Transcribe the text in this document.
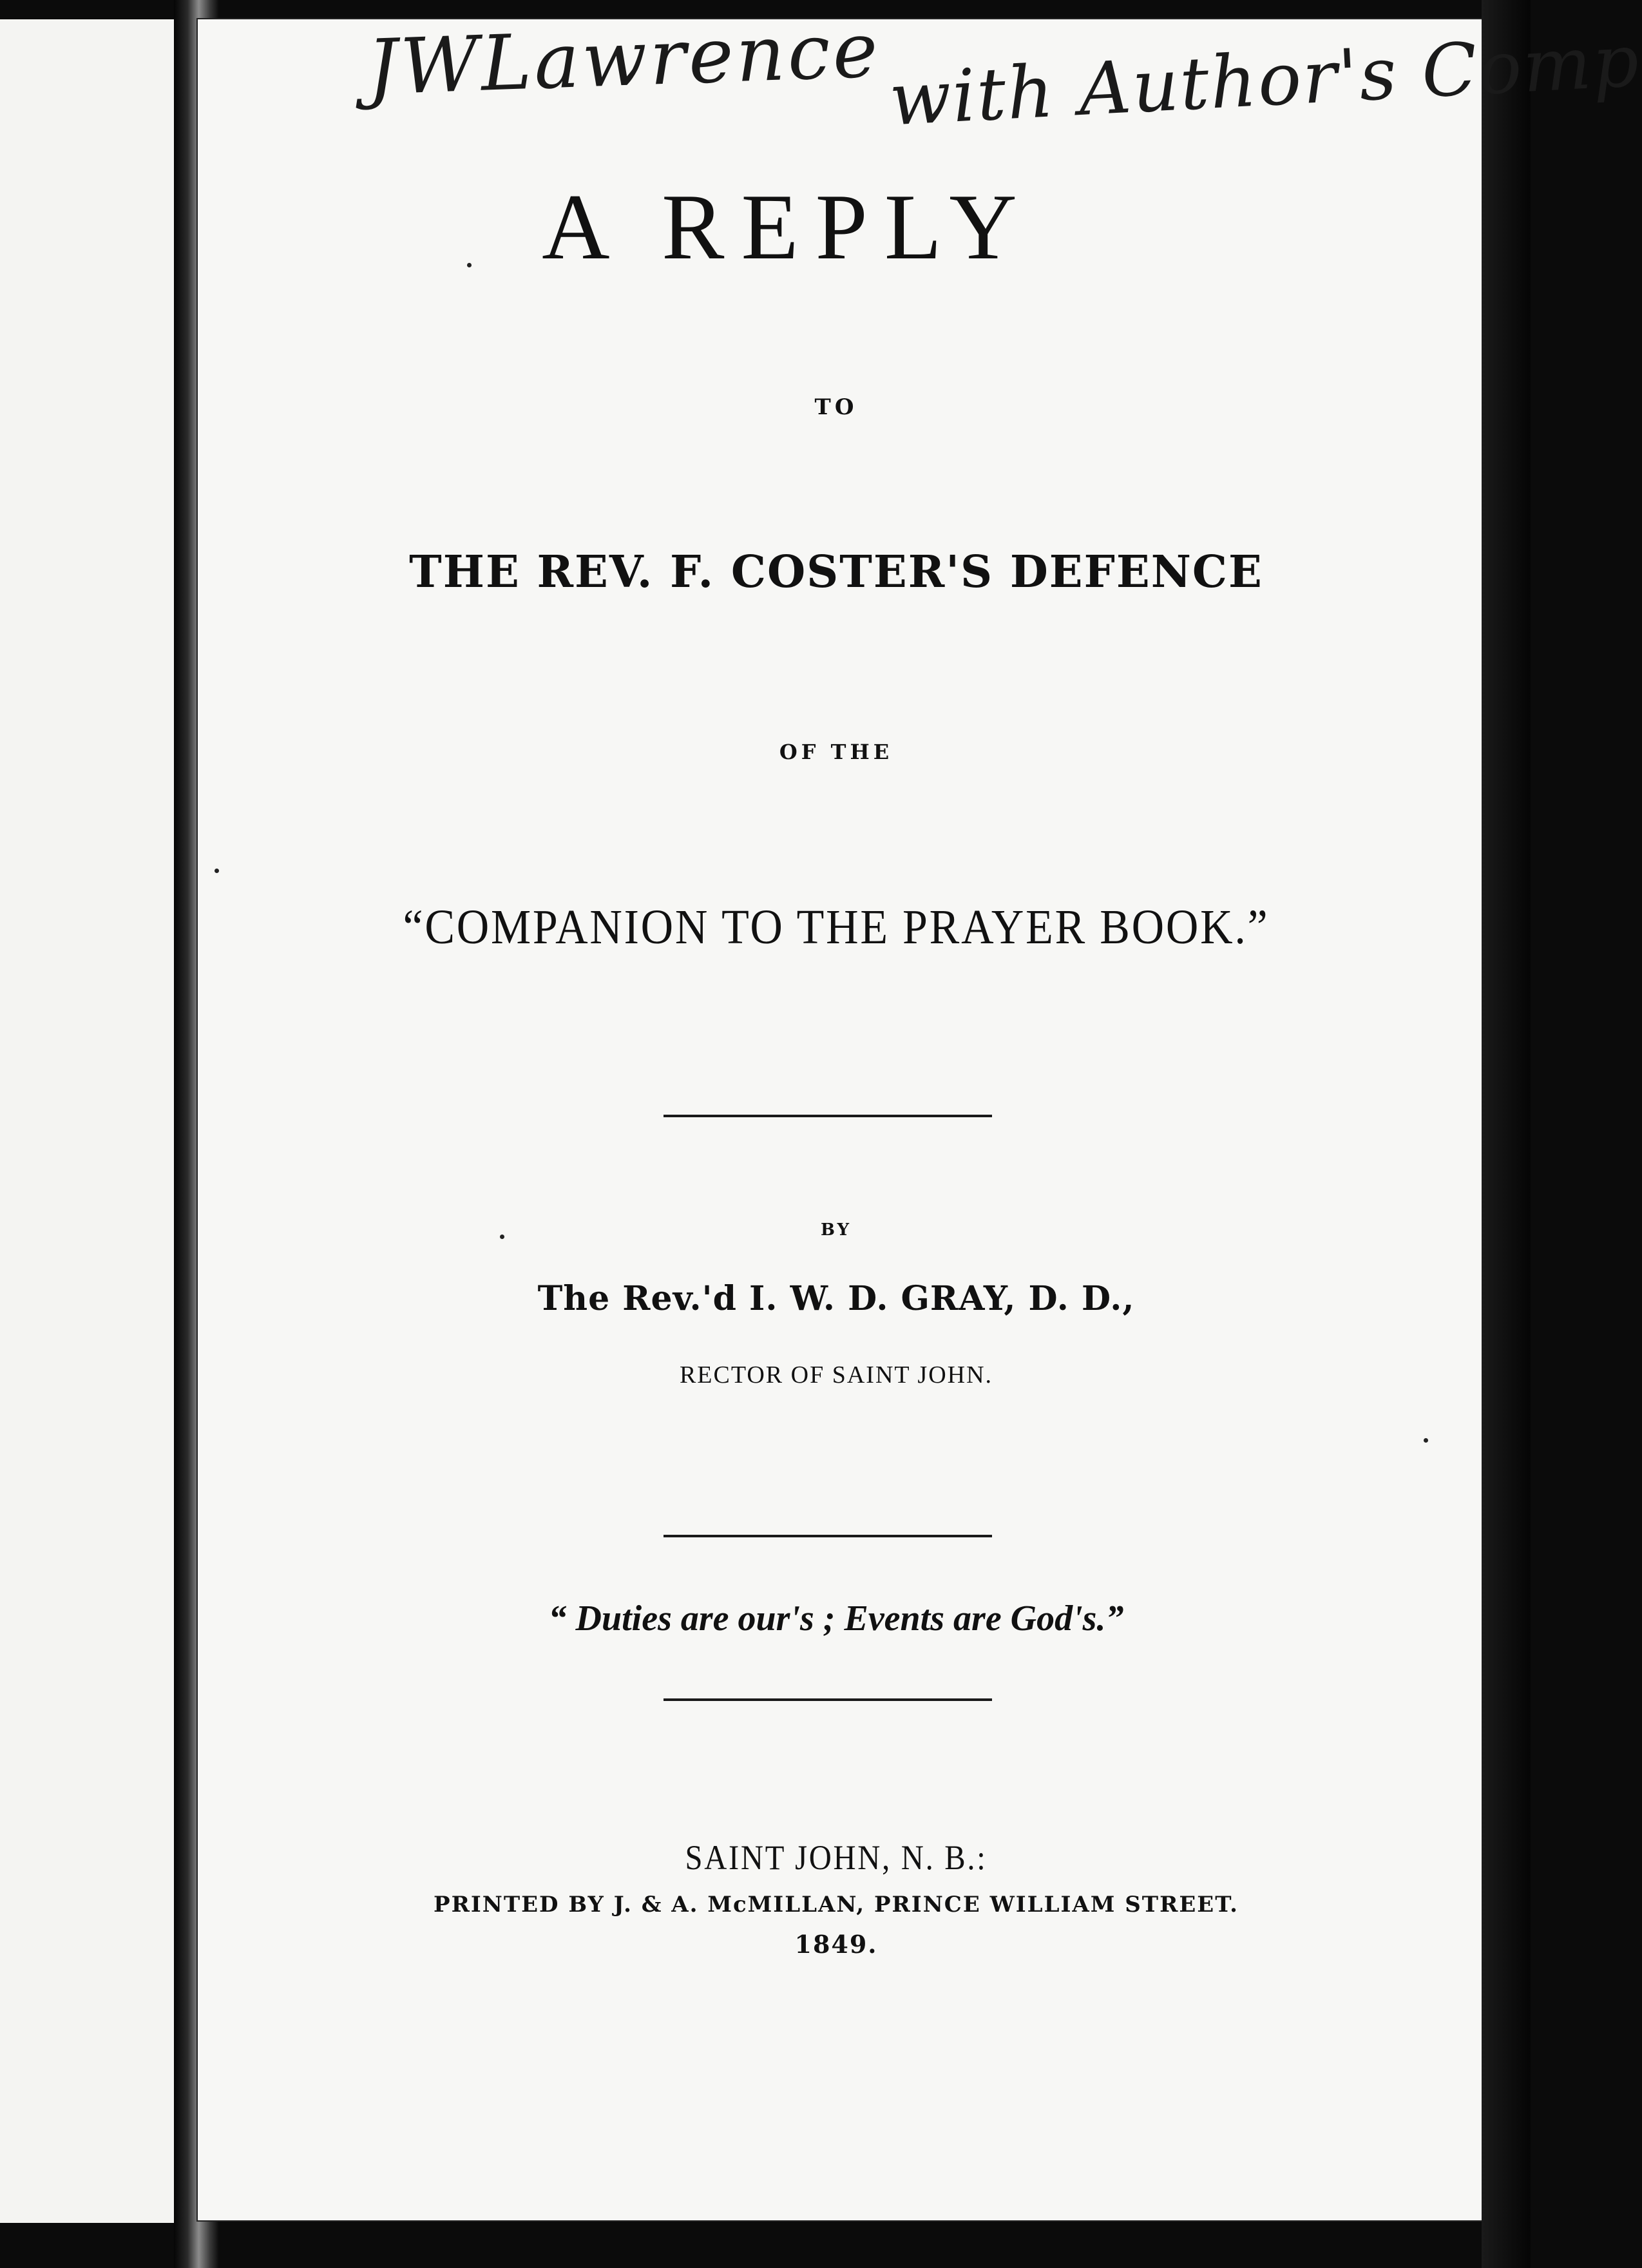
JWLawrence with Author's Comp
A REPLY
TO
THE REV. F. COSTER'S DEFENCE
OF THE
“COMPANION TO THE PRAYER BOOK.”
BY
The Rev.'d I. W. D. GRAY, D. D.,
RECTOR OF SAINT JOHN.
“ Duties are our's ; Events are God's.”
SAINT JOHN, N. B.:
PRINTED BY J. & A. McMILLAN, PRINCE WILLIAM STREET.
1849.
